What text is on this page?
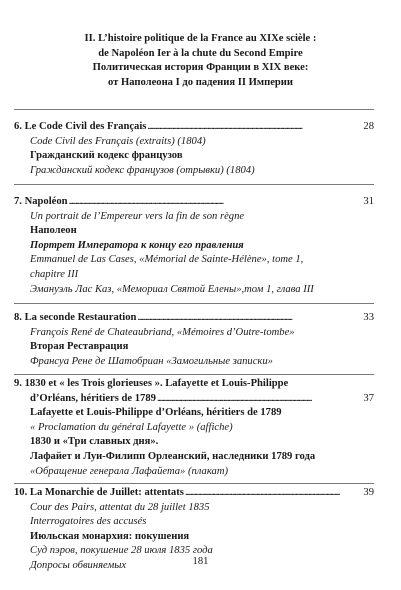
II. L’histoire politique de la France au XIXe scièle :
de Napoléon Ier à la chute du Second Empire
Политическая история Франции в XIX веке:
от Наполеона I до падения II Империи
6. Le Code Civil des Français . . .	28
Code Civil des Français (extraits) (1804)
Гражданский кодекс французов
Гражданский кодекс французов (отрывки) (1804)
7. Napoléon . . .	31
Un portrait de l’Empereur vers la fin de son règne
Наполеон
Портрет Императора к концу его правления
Emmanuel de Las Cases, «Mémorial de Sainte-Hélène», tome 1,
chapitre III
Эмануэль Лас Каз, «Мемориал Святой Елены»,том 1, глава III
8. La seconde Restauration . . .	33
François René de Chateaubriand, «Mémoires d’Outre-tombe»
Вторая Реставрация
Франсуа Рене де Шатобриан «Замогильные записки»
9. 1830 et « les Trois glorieuses ». Lafayette et Louis-Philippe
d’Orléans, héritiers de 1789 . . .	37
Lafayette et Louis-Philippe d’Orléans, héritiers de 1789
« Proclamation du général Lafayette » (affiche)
1830 и «Три славных дня».
Лафайет и Луи-Филипп Орлеанский, наследники 1789 года
«Обращение генерала Лафайета» (плакат)
10. La Monarchie de Juillet: attentats . . .	39
Cour des Pairs, attentat du 28 juillet 1835
Interrogatoires des accusés
Июльская монархия: покушения
Суд пэров, покушение 28 июля 1835 года
Допросы обвиняемых	181
